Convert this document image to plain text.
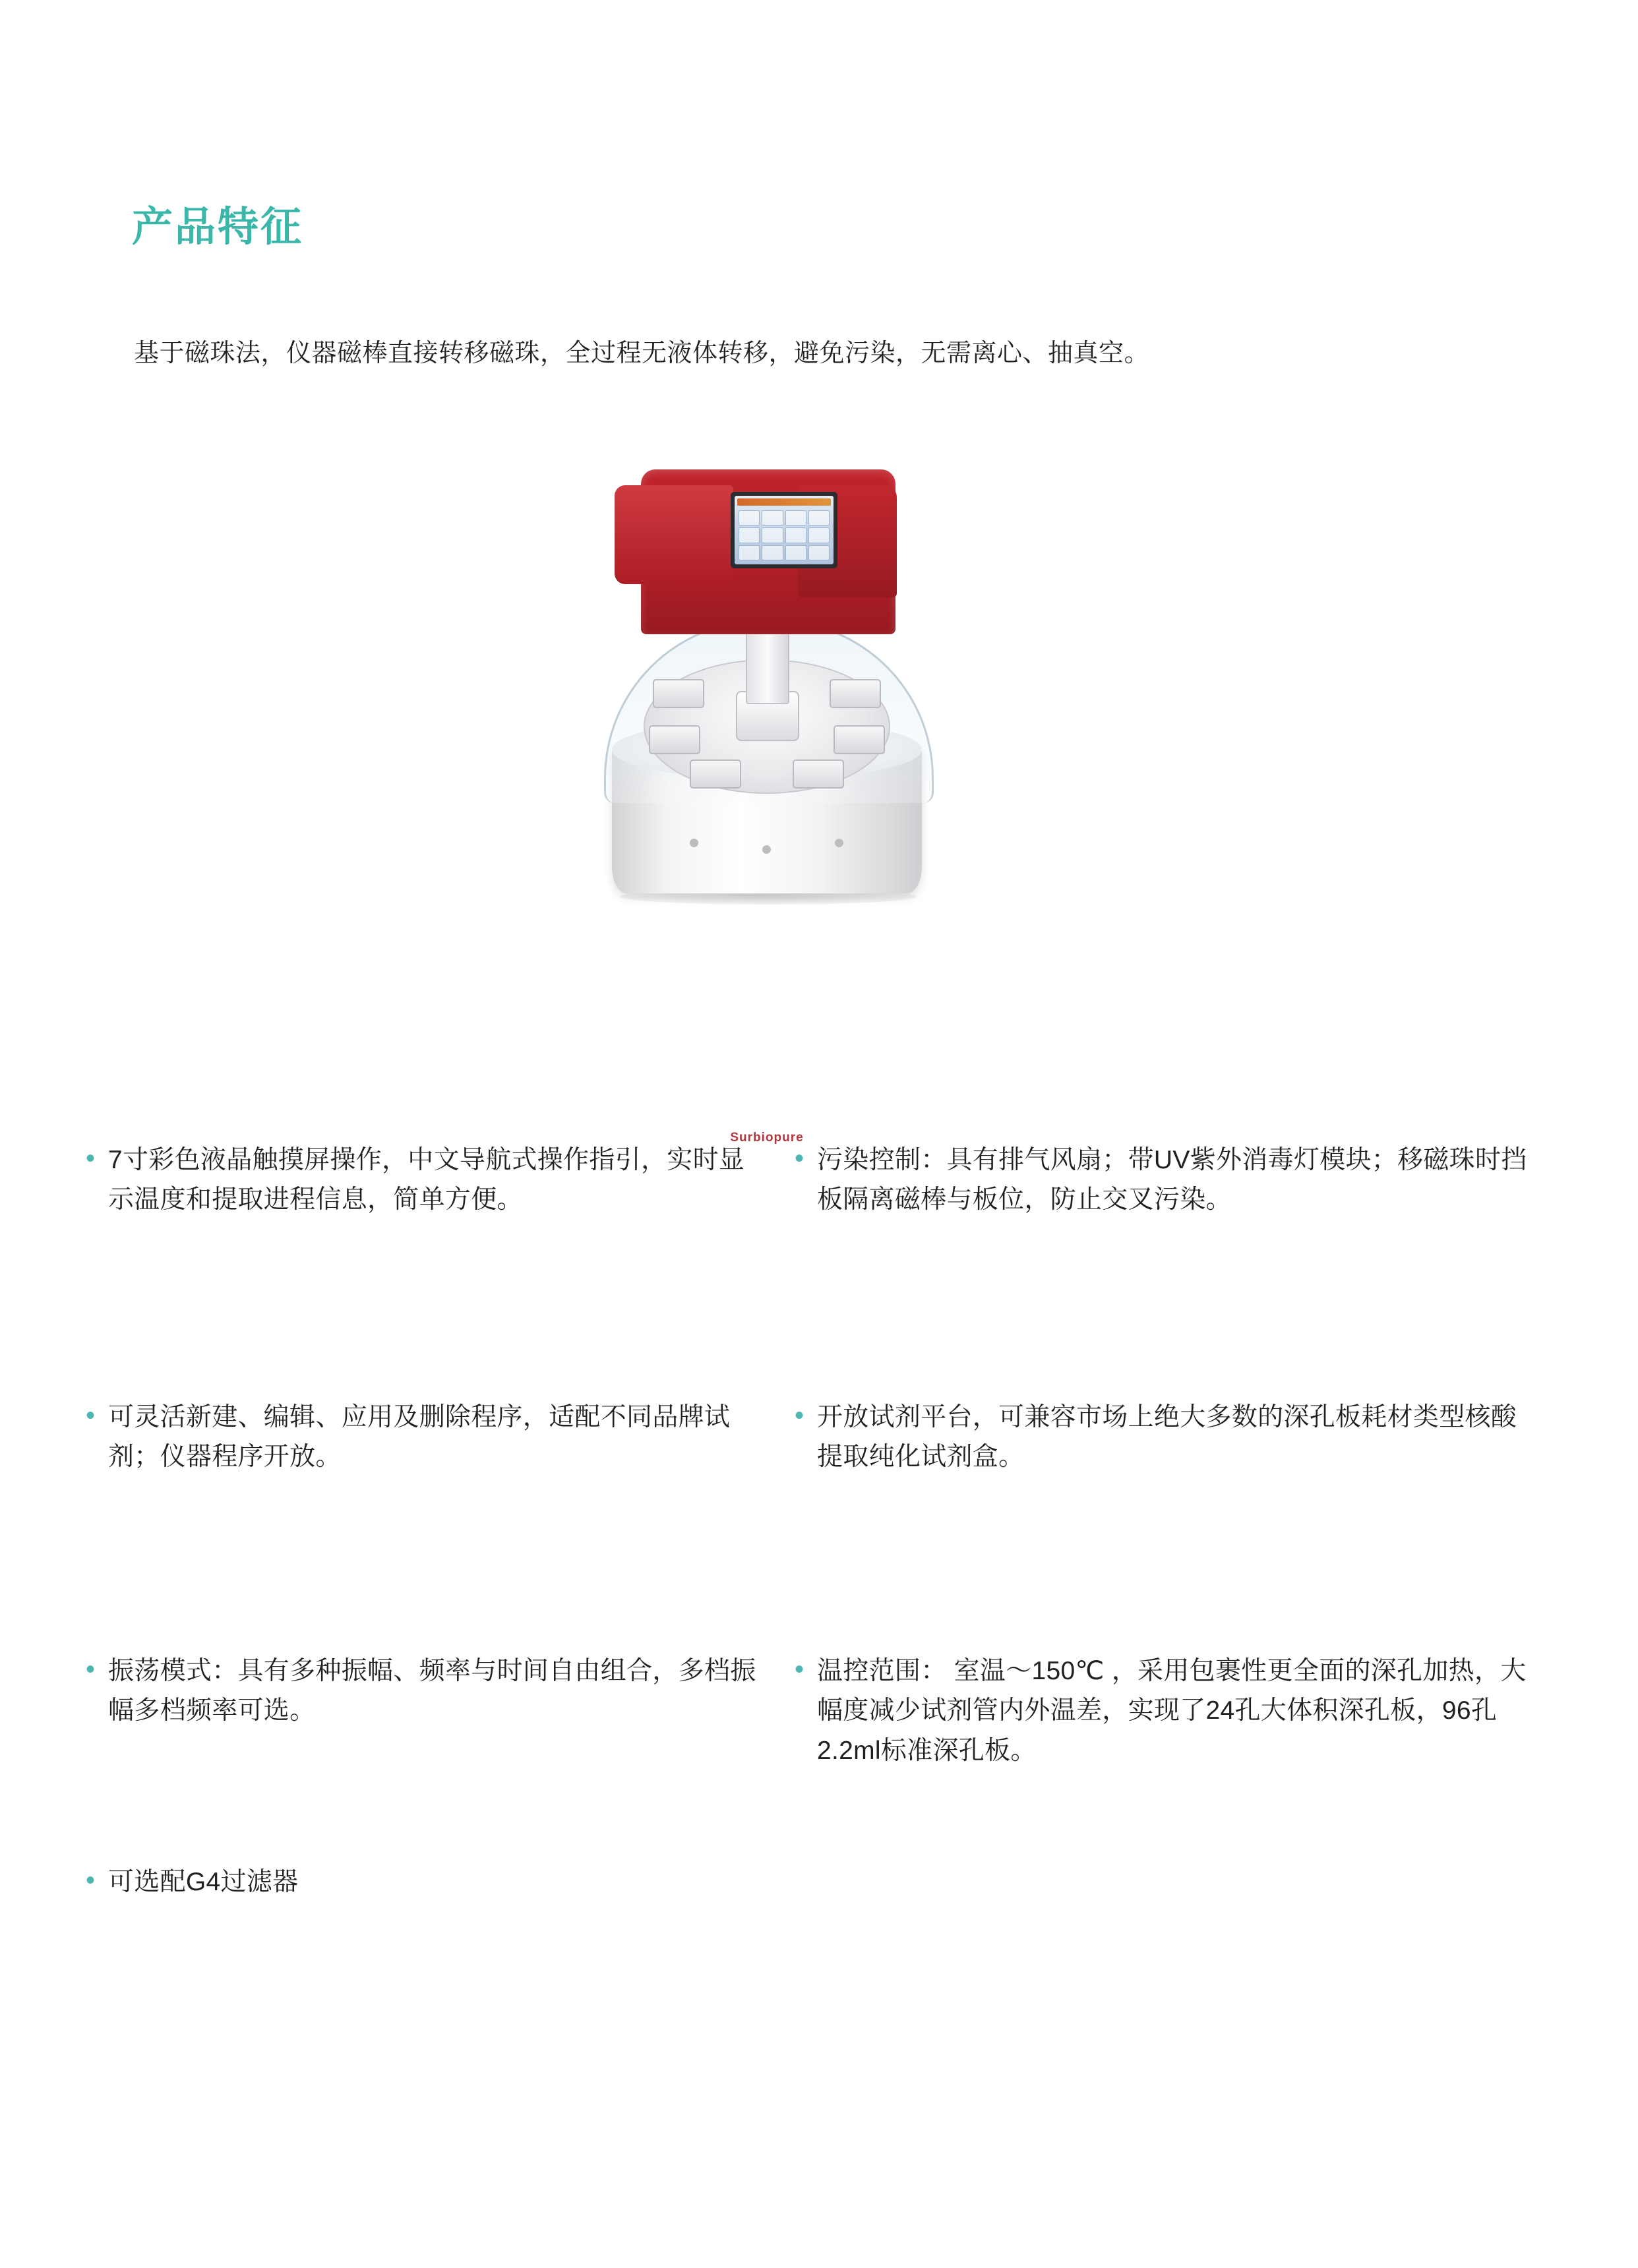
产品特征

基于磁珠法，仪器磁棒直接转移磁珠，全过程无液体转移，避免污染，无需离心、抽真空。

Surbiopure
• 7寸彩色液晶触摸屏操作，中文导航式操作指引，实时显示温度和提取进程信息，简单方便。
• 污染控制：具有排气风扇；带UV紫外消毒灯模块；移磁珠时挡板隔离磁棒与板位，防止交叉污染。
• 可灵活新建、编辑、应用及删除程序，适配不同品牌试剂；仪器程序开放。
• 开放试剂平台，可兼容市场上绝大多数的深孔板耗材类型核酸提取纯化试剂盒。
• 振荡模式：具有多种振幅、频率与时间自由组合，多档振幅多档频率可选。
• 温控范围： 室温～150℃ ，采用包裹性更全面的深孔加热，大幅度减少试剂管内外温差，实现了24孔大体积深孔板，96孔2.2ml标准深孔板。
• 可选配G4过滤器
